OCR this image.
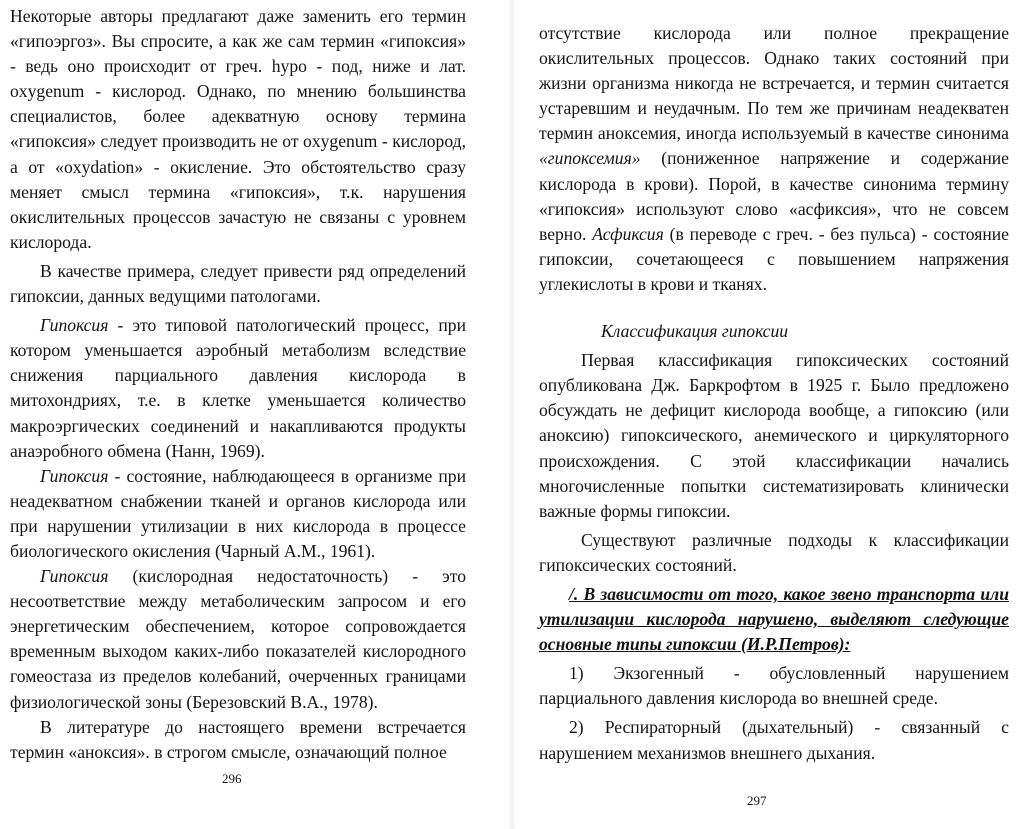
Некоторые авторы предлагают даже заменить его термин «гипоэргоз». Вы спросите, а как же сам термин «гипоксия» - ведь оно происходит от греч. hypo - под, ниже и лат. oxygenum - кислород. Однако, по мнению большинства специалистов, более адекватную основу термина «гипоксия» следует производить не от oxygenum - кислород, а от «oxydation» - окисление. Это обстоятельство сразу меняет смысл термина «гипоксия», т.к. нарушения окислительных процессов зачастую не связаны с уровнем кислорода.

В качестве примера, следует привести ряд определений гипоксии, данных ведущими патологами.

Гипоксия - это типовой патологический процесс, при котором уменьшается аэробный метаболизм вследствие снижения парциального давления кислорода в митохондриях, т.е. в клетке уменьшается количество макроэргических соединений и накапливаются продукты анаэробного обмена (Нанн, 1969).

Гипоксия - состояние, наблюдающееся в организме при неадекватном снабжении тканей и органов кислорода или при нарушении утилизации в них кислорода в процессе биологического окисления (Чарный А.М., 1961).

Гипоксия (кислородная недостаточность) - это несоответствие между метаболическим запросом и его энергетическим обеспечением, которое сопровождается временным выходом каких-либо показателей кислородного гомеостаза из пределов колебаний, очерченных границами физиологической зоны (Березовский В.А., 1978).

В литературе до настоящего времени встречается термин «аноксия». в строгом смысле, означающий полное

296

отсутствие кислорода или полное прекращение окислительных процессов. Однако таких состояний при жизни организма никогда не встречается, и термин считается устаревшим и неудачным. По тем же причинам неадекватен термин аноксемия, иногда используемый в качестве синонима «гипоксемия» (пониженное напряжение и содержание кислорода в крови). Порой, в качестве синонима термину «гипоксия» используют слово «асфиксия», что не совсем верно. Асфиксия (в переводе с греч. - без пульса) - состояние гипоксии, сочетающееся с повышением напряжения углекислоты в крови и тканях.

Классификация гипоксии

Первая классификация гипоксических состояний опубликована Дж. Баркрофтом в 1925 г. Было предложено обсуждать не дефицит кислорода вообще, а гипоксию (или аноксию) гипоксического, анемического и циркуляторного происхождения. С этой классификации начались многочисленные попытки систематизировать клинически важные формы гипоксии.

Существуют различные подходы к классификации гипоксических состояний.

/. В зависимости от того, какое звено транспорта или утилизации кислорода нарушено, выделяют следующие основные типы гипоксии (И.Р.Петров):

1) Экзогенный - обусловленный нарушением парциального давления кислорода во внешней среде.

2) Респираторный (дыхательный) - связанный с нарушением механизмов внешнего дыхания.

297
